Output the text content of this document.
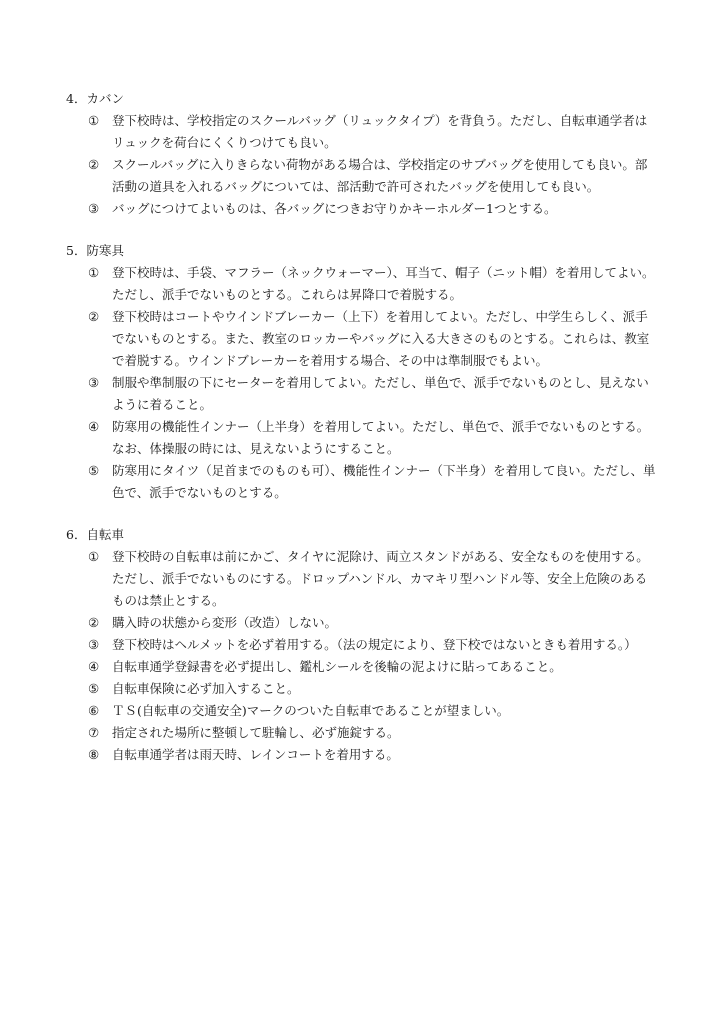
4．カバン
①	登下校時は、学校指定のスクールバッグ（リュックタイプ）を背負う。ただし、自転車通学者は
リュックを荷台にくくりつけても良い。
②	スクールバッグに入りきらない荷物がある場合は、学校指定のサブバッグを使用しても良い。部
活動の道具を入れるバッグについては、部活動で許可されたバッグを使用しても良い。
③	バッグにつけてよいものは、各バッグにつきお守りかキーホルダー1つとする。
5．防寒具
①	登下校時は、手袋、マフラー（ネックウォーマー）、耳当て、帽子（ニット帽）を着用してよい。
ただし、派手でないものとする。これらは昇降口で着脱する。
②	登下校時はコートやウインドブレーカー（上下）を着用してよい。ただし、中学生らしく、派手
でないものとする。また、教室のロッカーやバッグに入る大きさのものとする。これらは、教室
で着脱する。ウインドブレーカーを着用する場合、その中は準制服でもよい。
③	制服や準制服の下にセーターを着用してよい。ただし、単色で、派手でないものとし、見えない
ように着ること。
④	防寒用の機能性インナー（上半身）を着用してよい。ただし、単色で、派手でないものとする。
なお、体操服の時には、見えないようにすること。
⑤	防寒用にタイツ（足首までのものも可）、機能性インナー（下半身）を着用して良い。ただし、単
色で、派手でないものとする。
6．自転車
①	登下校時の自転車は前にかご、タイヤに泥除け、両立スタンドがある、安全なものを使用する。
ただし、派手でないものにする。ドロップハンドル、カマキリ型ハンドル等、安全上危険のある
ものは禁止とする。
②	購入時の状態から変形（改造）しない。
③	登下校時はヘルメットを必ず着用する。（法の規定により、登下校ではないときも着用する。）
④	自転車通学登録書を必ず提出し、鑑札シールを後輪の泥よけに貼ってあること。
⑤	自転車保険に必ず加入すること。
⑥	ＴＳ(自転車の交通安全)マークのついた自転車であることが望ましい。
⑦	指定された場所に整頓して駐輪し、必ず施錠する。
⑧	自転車通学者は雨天時、レインコートを着用する。
